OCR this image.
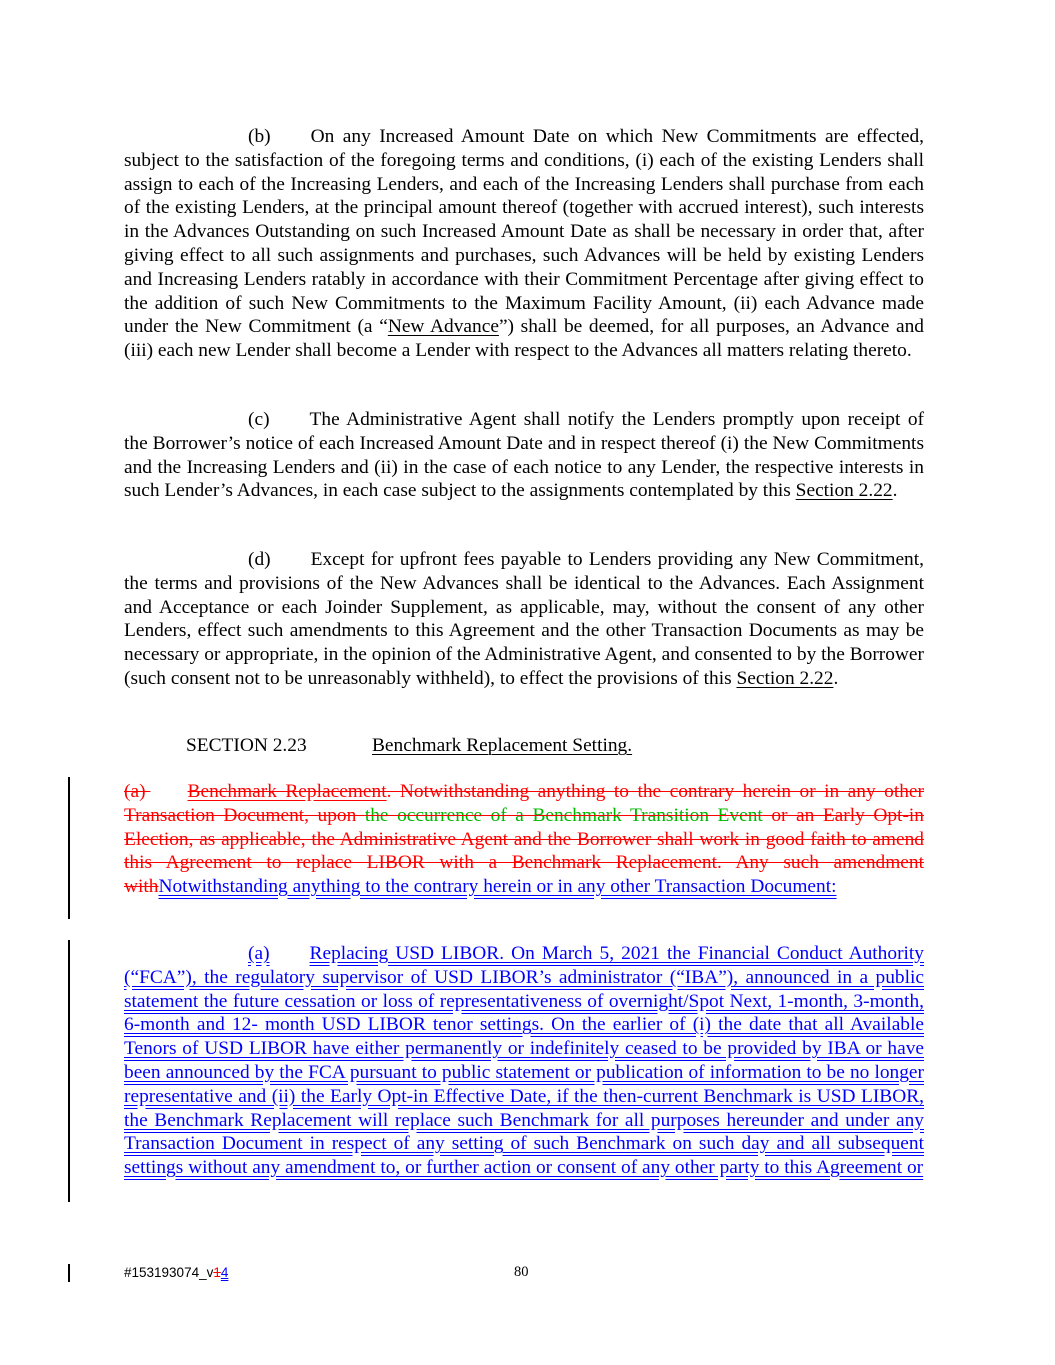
(b) On any Increased Amount Date on which New Commitments are effected, subject to the satisfaction of the foregoing terms and conditions, (i) each of the existing Lenders shall assign to each of the Increasing Lenders, and each of the Increasing Lenders shall purchase from each of the existing Lenders, at the principal amount thereof (together with accrued interest), such interests in the Advances Outstanding on such Increased Amount Date as shall be necessary in order that, after giving effect to all such assignments and purchases, such Advances will be held by existing Lenders and Increasing Lenders ratably in accordance with their Commitment Percentage after giving effect to the addition of such New Commitments to the Maximum Facility Amount, (ii) each Advance made under the New Commitment (a “New Advance”) shall be deemed, for all purposes, an Advance and (iii) each new Lender shall become a Lender with respect to the Advances all matters relating thereto.
(c) The Administrative Agent shall notify the Lenders promptly upon receipt of the Borrower’s notice of each Increased Amount Date and in respect thereof (i) the New Commitments and the Increasing Lenders and (ii) in the case of each notice to any Lender, the respective interests in such Lender’s Advances, in each case subject to the assignments contemplated by this Section 2.22.
(d) Except for upfront fees payable to Lenders providing any New Commitment, the terms and provisions of the New Advances shall be identical to the Advances. Each Assignment and Acceptance or each Joinder Supplement, as applicable, may, without the consent of any other Lenders, effect such amendments to this Agreement and the other Transaction Documents as may be necessary or appropriate, in the opinion of the Administrative Agent, and consented to by the Borrower (such consent not to be unreasonably withheld), to effect the provisions of this Section 2.22.
SECTION 2.23	Benchmark Replacement Setting.
(a) Benchmark Replacement. Notwithstanding anything to the contrary herein or in any other Transaction Document, upon the occurrence of a Benchmark Transition Event or an Early Opt-in Election, as applicable, the Administrative Agent and the Borrower shall work in good faith to amend this Agreement to replace LIBOR with a Benchmark Replacement. Any such amendment withNotwithstanding anything to the contrary herein or in any other Transaction Document:
(a) Replacing USD LIBOR. On March 5, 2021 the Financial Conduct Authority (“FCA”), the regulatory supervisor of USD LIBOR’s administrator (“IBA”), announced in a public statement the future cessation or loss of representativeness of overnight/Spot Next, 1-month, 3-month, 6-month and 12- month USD LIBOR tenor settings. On the earlier of (i) the date that all Available Tenors of USD LIBOR have either permanently or indefinitely ceased to be provided by IBA or have been announced by the FCA pursuant to public statement or publication of information to be no longer representative and (ii) the Early Opt-in Effective Date, if the then-current Benchmark is USD LIBOR, the Benchmark Replacement will replace such Benchmark for all purposes hereunder and under any Transaction Document in respect of any setting of such Benchmark on such day and all subsequent settings without any amendment to, or further action or consent of any other party to this Agreement or
#153193074_v14	80
